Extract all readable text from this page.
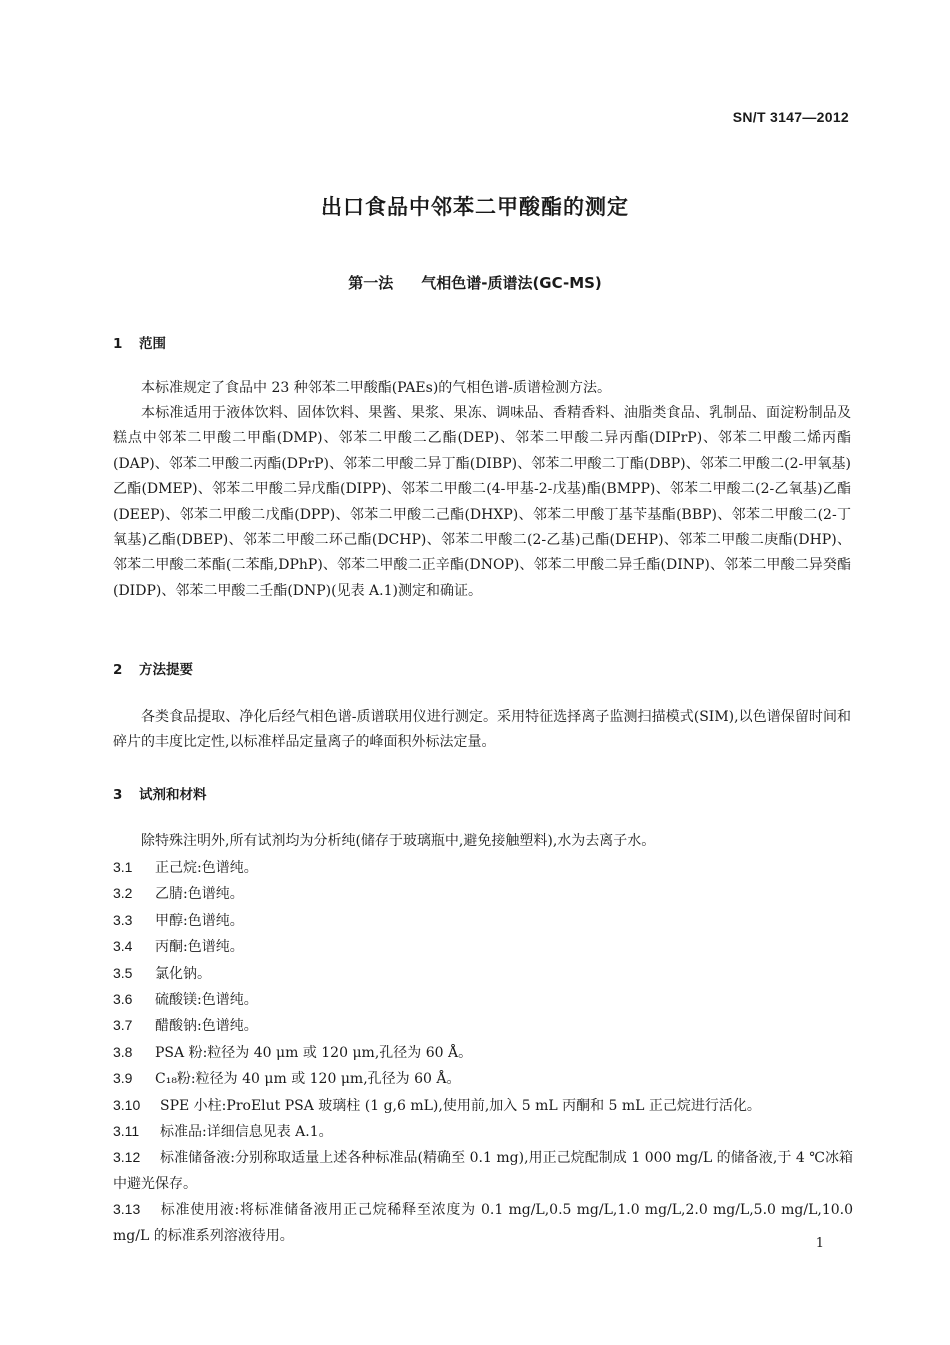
SN/T 3147—2012
出口食品中邻苯二甲酸酯的测定
第一法 气相色谱-质谱法(GC-MS)
1 范围

本标准规定了食品中 23 种邻苯二甲酸酯(PAEs)的气相色谱-质谱检测方法。

本标准适用于液体饮料、固体饮料、果酱、果浆、果冻、调味品、香精香料、油脂类食品、乳制品、面淀粉制品及糕点中邻苯二甲酸二甲酯(DMP)、邻苯二甲酸二乙酯(DEP)、邻苯二甲酸二异丙酯(DIPrP)、邻苯二甲酸二烯丙酯(DAP)、邻苯二甲酸二丙酯(DPrP)、邻苯二甲酸二异丁酯(DIBP)、邻苯二甲酸二丁酯(DBP)、邻苯二甲酸二(2-甲氧基)乙酯(DMEP)、邻苯二甲酸二异戊酯(DIPP)、邻苯二甲酸二(4-甲基-2-戊基)酯(BMPP)、邻苯二甲酸二(2-乙氧基)乙酯(DEEP)、邻苯二甲酸二戊酯(DPP)、邻苯二甲酸二己酯(DHXP)、邻苯二甲酸丁基苄基酯(BBP)、邻苯二甲酸二(2-丁氧基)乙酯(DBEP)、邻苯二甲酸二环己酯(DCHP)、邻苯二甲酸二(2-乙基)己酯(DEHP)、邻苯二甲酸二庚酯(DHP)、邻苯二甲酸二苯酯(二苯酯,DPhP)、邻苯二甲酸二正辛酯(DNOP)、邻苯二甲酸二异壬酯(DINP)、邻苯二甲酸二异癸酯(DIDP)、邻苯二甲酸二壬酯(DNP)(见表 A.1)测定和确证。

2 方法提要

各类食品提取、净化后经气相色谱-质谱联用仪进行测定。采用特征选择离子监测扫描模式(SIM),以色谱保留时间和碎片的丰度比定性,以标准样品定量离子的峰面积外标法定量。

3 试剂和材料

除特殊注明外,所有试剂均为分析纯(储存于玻璃瓶中,避免接触塑料),水为去离子水。

3.1 正己烷:色谱纯。
3.2 乙腈:色谱纯。
3.3 甲醇:色谱纯。
3.4 丙酮:色谱纯。
3.5 氯化钠。
3.6 硫酸镁:色谱纯。
3.7 醋酸钠:色谱纯。
3.8 PSA 粉:粒径为 40 μm 或 120 μm,孔径为 60 Å。
3.9 C₁₈粉:粒径为 40 μm 或 120 μm,孔径为 60 Å。
3.10 SPE 小柱:ProElut PSA 玻璃柱 (1 g,6 mL),使用前,加入 5 mL 丙酮和 5 mL 正己烷进行活化。
3.11 标准品:详细信息见表 A.1。
3.12 标准储备液:分别称取适量上述各种标准品(精确至 0.1 mg),用正己烷配制成 1 000 mg/L 的储备液,于 4 ℃冰箱中避光保存。
3.13 标准使用液:将标准储备液用正己烷稀释至浓度为 0.1 mg/L,0.5 mg/L,1.0 mg/L,2.0 mg/L,5.0 mg/L,10.0 mg/L 的标准系列溶液待用。	1
